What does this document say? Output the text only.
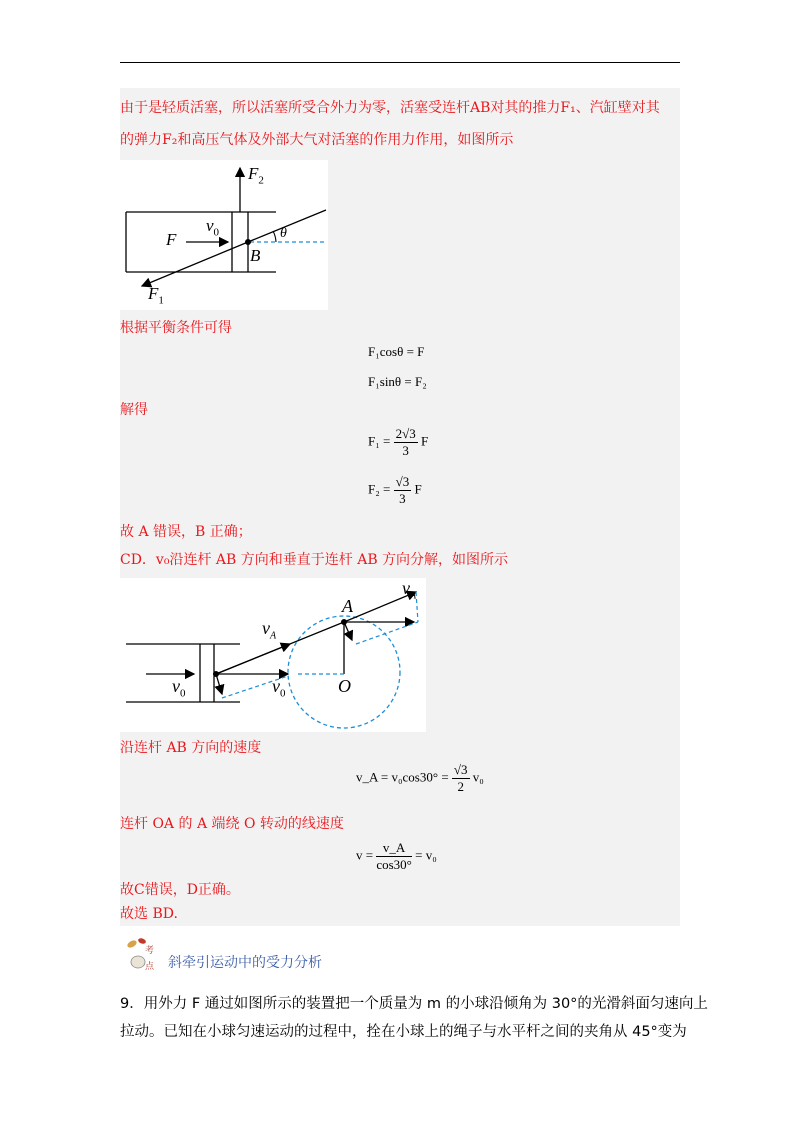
由于是轻质活塞，所以活塞所受合外力为零，活塞受连杆AB对其的推力F₁、汽缸壁对其
的弹力F₂和高压气体及外部大气对活塞的作用力作用，如图所示
$F_2$
$v_0$
F	θ
B
$F_1$
根据平衡条件可得
F₁cosθ = F
F₁sinθ = F₂
解得
$F_1 = \frac{2√3}{3}$ F
$F_2 = \frac{√3}{3}$ F
故 A 错误，B 正确；
CD．v₀沿连杆 AB 方向和垂直于连杆 AB 方向分解，如图所示
$v_A$
A
$v_A$
$v_0$	$v_0$	O
沿连杆 AB 方向的速度
v_A = $v_0\cos 30^\circ = \frac{√3}{2} v_0$
连杆 OA 的 A 端绕 O 转动的线速度
$v = \frac{v\_A}{\cos 30^\circ} = v_0$
故C错误，D正确。
故选 BD.
考
点 斜牵引运动中的受力分析
9．用外力 F 通过如图所示的装置把一个质量为 m 的小球沿倾角为 30°的光滑斜面匀速向上
拉动。已知在小球匀速运动的过程中，拴在小球上的绳子与水平杆之间的夹角从 45°变为
